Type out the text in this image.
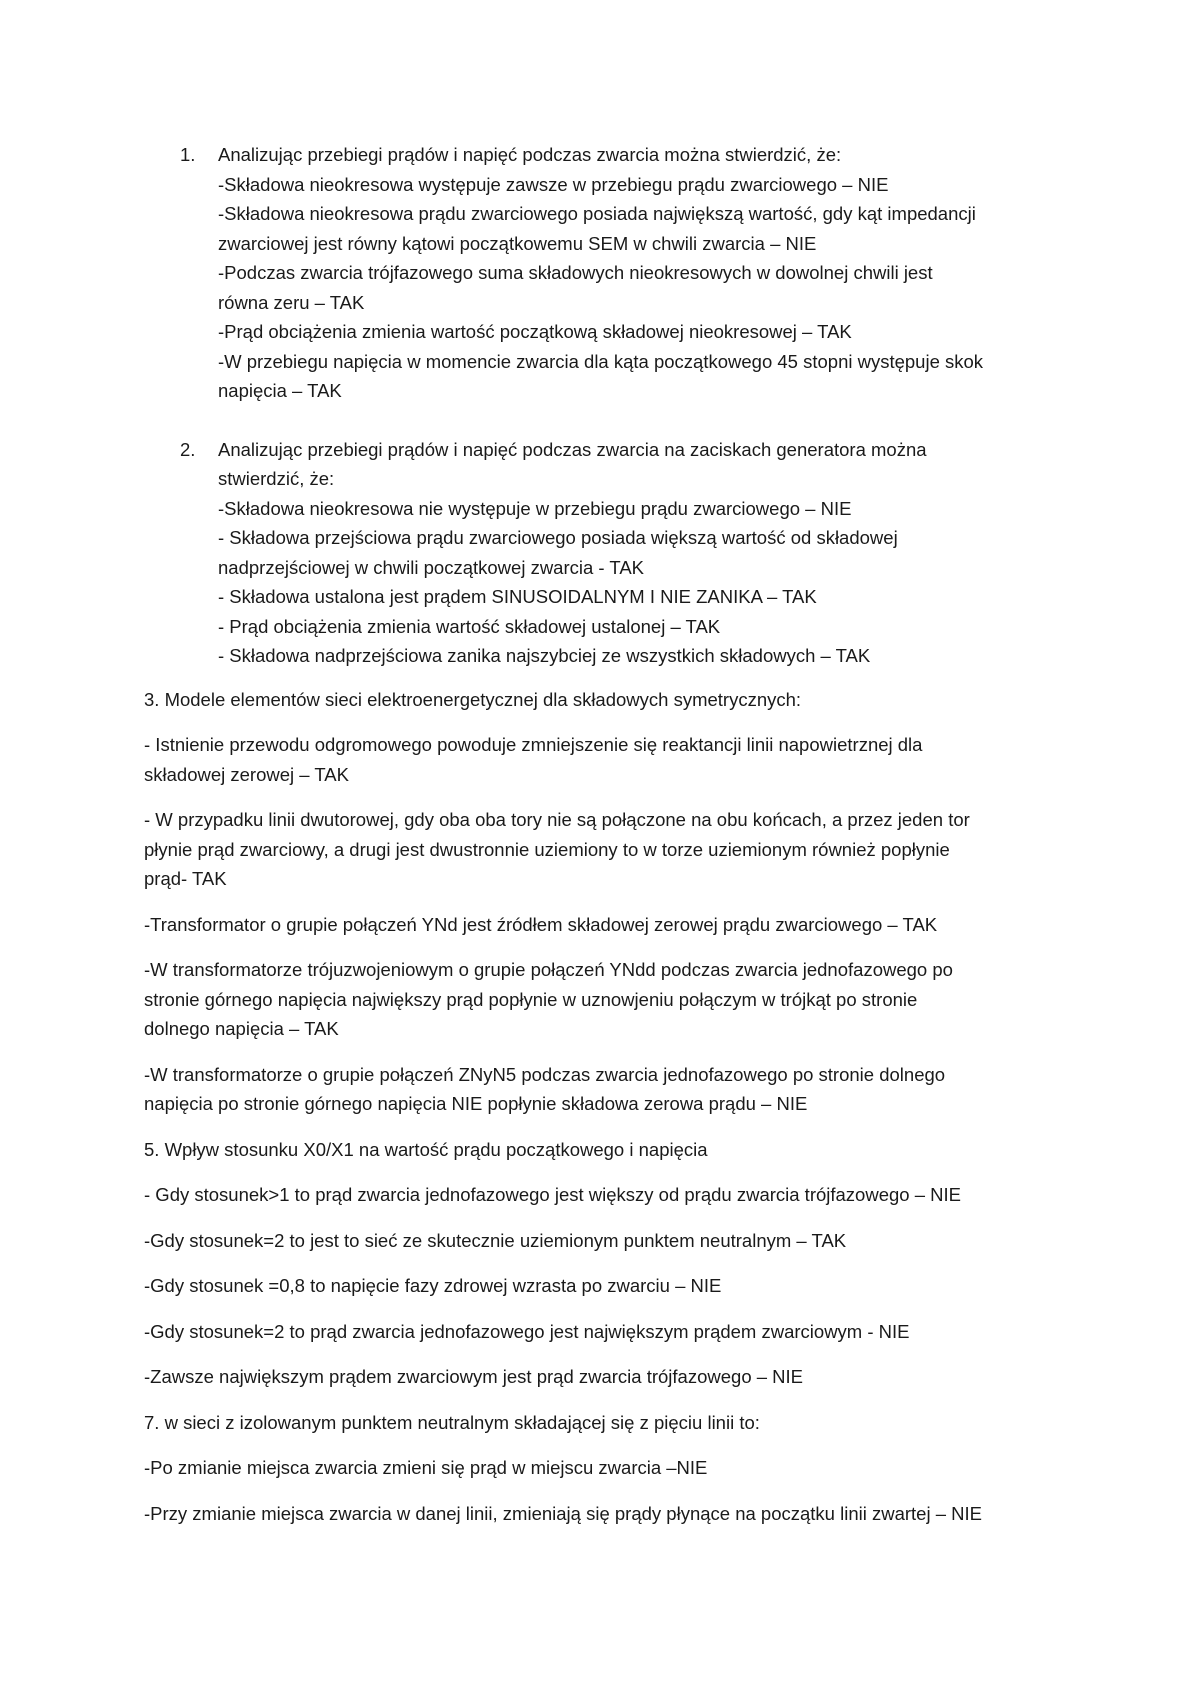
1. Analizując przebiegi prądów i napięć podczas zwarcia można stwierdzić, że:
-Składowa nieokresowa występuje zawsze w przebiegu prądu zwarciowego – NIE
-Składowa nieokresowa prądu zwarciowego posiada największą wartość, gdy kąt impedancji
zwarciowej jest równy kątowi początkowemu SEM w chwili zwarcia – NIE
-Podczas zwarcia trójfazowego suma składowych nieokresowych w dowolnej chwili jest
równa zeru – TAK
-Prąd obciążenia zmienia wartość początkową składowej nieokresowej – TAK
-W przebiegu napięcia w momencie zwarcia dla kąta początkowego 45 stopni występuje skok
napięcia – TAK
2. Analizując przebiegi prądów i napięć podczas zwarcia na zaciskach generatora można
stwierdzić, że:
-Składowa nieokresowa nie występuje w przebiegu prądu zwarciowego – NIE
- Składowa przejściowa prądu zwarciowego posiada większą wartość od składowej
nadprzejściowej w chwili początkowej zwarcia - TAK
- Składowa ustalona jest prądem SINUSOIDALNYM I NIE ZANIKA – TAK
- Prąd obciążenia zmienia wartość składowej ustalonej – TAK
- Składowa nadprzejściowa zanika najszybciej ze wszystkich składowych – TAK
3. Modele elementów sieci elektroenergetycznej dla składowych symetrycznych:
- Istnienie przewodu odgromowego powoduje zmniejszenie się reaktancji linii napowietrznej dla
składowej zerowej – TAK
- W przypadku linii dwutorowej, gdy oba oba tory nie są połączone na obu końcach, a przez jeden tor
płynie prąd zwarciowy, a drugi jest dwustronnie uziemiony to w torze uziemionym również popłynie
prąd- TAK
-Transformator o grupie połączeń YNd jest źródłem składowej zerowej prądu zwarciowego – TAK
-W transformatorze trójuzwojeniowym o grupie połączeń YNdd podczas zwarcia jednofazowego po
stronie górnego napięcia największy prąd popłynie w uznowjeniu połączym w trójkąt po stronie
dolnego napięcia – TAK
-W transformatorze o grupie połączeń ZNyN5 podczas zwarcia jednofazowego po stronie dolnego
napięcia po stronie górnego napięcia NIE popłynie składowa zerowa prądu – NIE
5. Wpływ stosunku X0/X1 na wartość prądu początkowego i napięcia
- Gdy stosunek>1 to prąd zwarcia jednofazowego jest większy od prądu zwarcia trójfazowego – NIE
-Gdy stosunek=2 to jest to sieć ze skutecznie uziemionym punktem neutralnym – TAK
-Gdy stosunek =0,8 to napięcie fazy zdrowej wzrasta po zwarciu – NIE
-Gdy stosunek=2 to prąd zwarcia jednofazowego jest największym prądem zwarciowym - NIE
-Zawsze największym prądem zwarciowym jest prąd zwarcia trójfazowego – NIE
7. w sieci z izolowanym punktem neutralnym składającej się z pięciu linii to:
-Po zmianie miejsca zwarcia zmieni się prąd w miejscu zwarcia –NIE
-Przy zmianie miejsca zwarcia w danej linii, zmieniają się prądy płynące na początku linii zwartej – NIE
